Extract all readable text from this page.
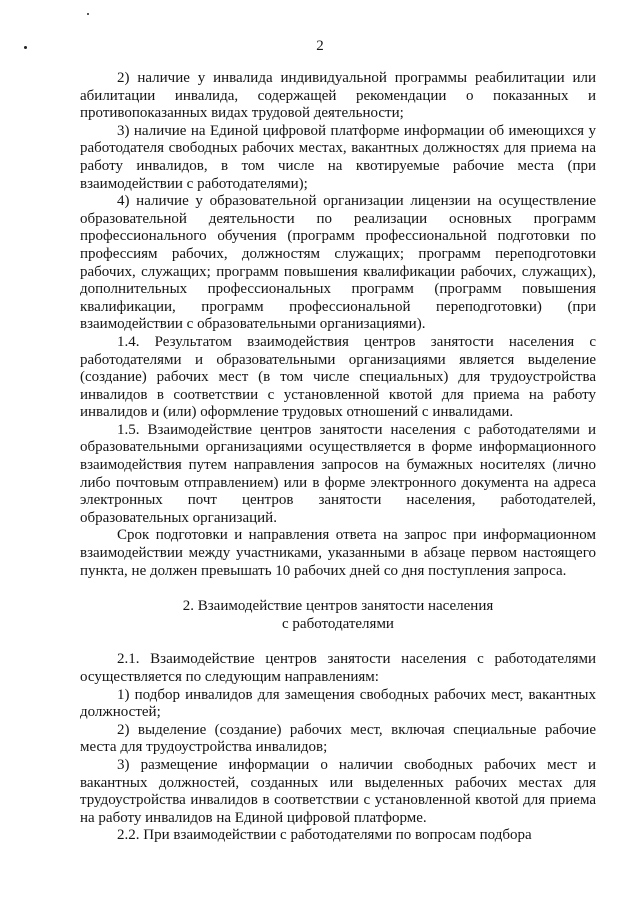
2

2) наличие у инвалида индивидуальной программы реабилитации или абилитации инвалида, содержащей рекомендации о показанных и противопоказанных видах трудовой деятельности;

3) наличие на Единой цифровой платформе информации об имеющихся у работодателя свободных рабочих местах, вакантных должностях для приема на работу инвалидов, в том числе на квотируемые рабочие места (при взаимодействии с работодателями);

4) наличие у образовательной организации лицензии на осуществление образовательной деятельности по реализации основных программ профессионального обучения (программ профессиональной подготовки по профессиям рабочих, должностям служащих; программ переподготовки рабочих, служащих; программ повышения квалификации рабочих, служащих), дополнительных профессиональных программ (программ повышения квалификации, программ профессиональной переподготовки) (при взаимодействии с образовательными организациями).

1.4. Результатом взаимодействия центров занятости населения с работодателями и образовательными организациями является выделение (создание) рабочих мест (в том числе специальных) для трудоустройства инвалидов в соответствии с установленной квотой для приема на работу инвалидов и (или) оформление трудовых отношений с инвалидами.

1.5. Взаимодействие центров занятости населения с работодателями и образовательными организациями осуществляется в форме информационного взаимодействия путем направления запросов на бумажных носителях (лично либо почтовым отправлением) или в форме электронного документа на адреса электронных почт центров занятости населения, работодателей, образовательных организаций.

Срок подготовки и направления ответа на запрос при информационном взаимодействии между участниками, указанными в абзаце первом настоящего пункта, не должен превышать 10 рабочих дней со дня поступления запроса.

2. Взаимодействие центров занятости населения
с работодателями

2.1. Взаимодействие центров занятости населения с работодателями осуществляется по следующим направлениям:

1) подбор инвалидов для замещения свободных рабочих мест, вакантных должностей;

2) выделение (создание) рабочих мест, включая специальные рабочие места для трудоустройства инвалидов;

3) размещение информации о наличии свободных рабочих мест и вакантных должностей, созданных или выделенных рабочих местах для трудоустройства инвалидов в соответствии с установленной квотой для приема на работу инвалидов на Единой цифровой платформе.

2.2. При взаимодействии с работодателями по вопросам подбора
